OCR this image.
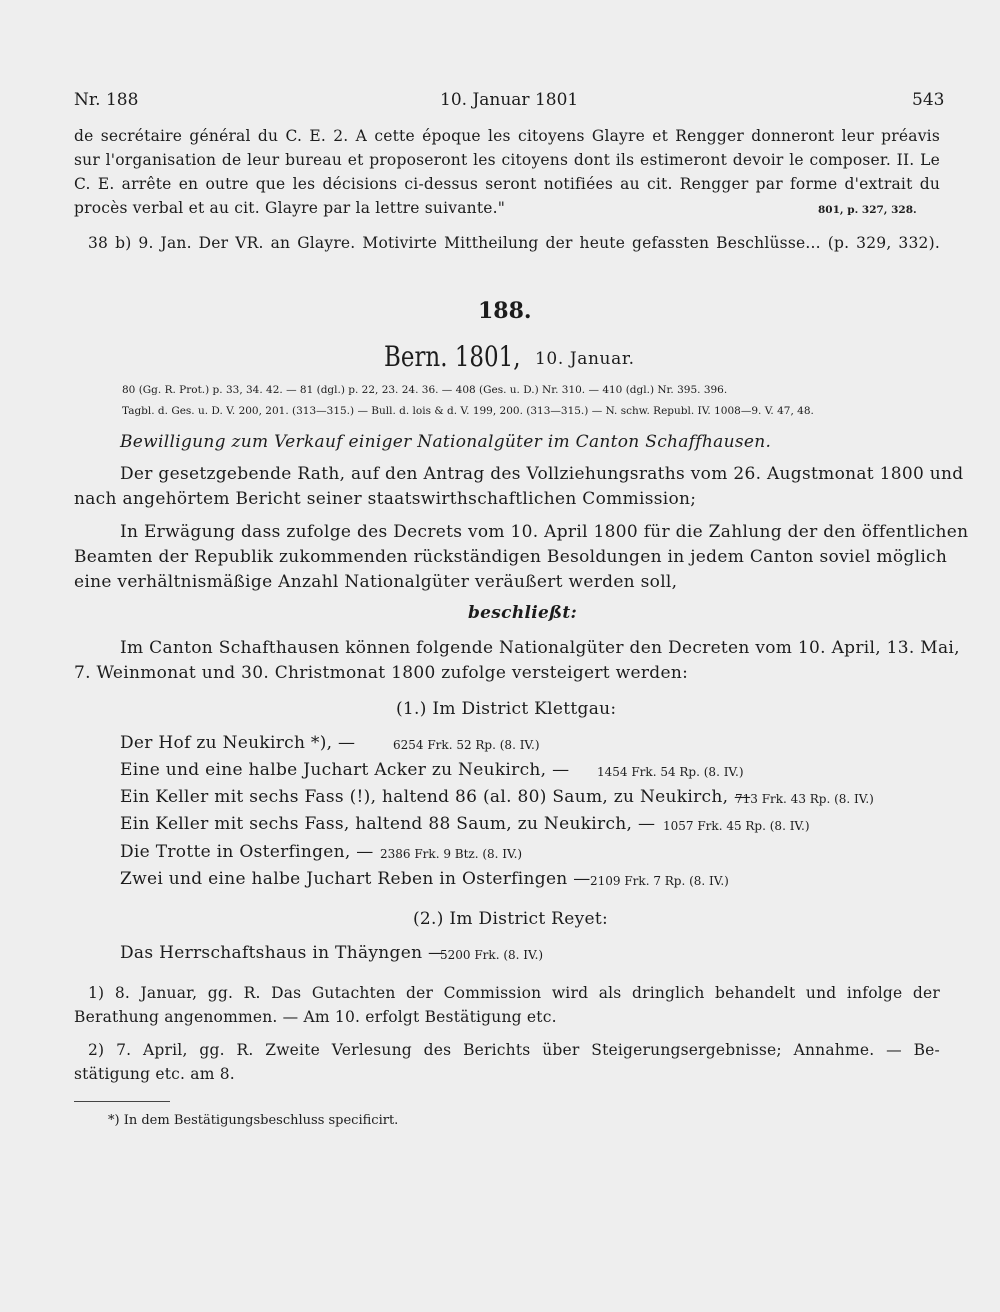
Nr. 188	10. Januar 1801	543
de secrétaire général du C. E. 2. A cette époque les citoyens Glayre et Rengger donneront leur préavis
sur l'organisation de leur bureau et proposeront les citoyens dont ils estimeront devoir le composer. II. Le
C. E. arrête en outre que les décisions ci-dessus seront notifiées au cit. Rengger par forme d'extrait du
procès verbal et au cit. Glayre par la lettre suivante."	801, p. 327, 328.
38 b) 9. Jan. Der VR. an Glayre. Motivirte Mittheilung der heute gefassten Beschlüsse... (p. 329, 332).
188.
Bern. 1801, 10. Januar.
80 (Gg. R. Prot.) p. 33, 34. 42. — 81 (dgl.) p. 22, 23. 24. 36. — 408 (Ges. u. D.) Nr. 310. — 410 (dgl.) Nr. 395. 396.
Tagbl. d. Ges. u. D. V. 200, 201. (313—315.) — Bull. d. lois & d. V. 199, 200. (313—315.) — N. schw. Republ. IV. 1008—9. V. 47, 48.
Bewilligung zum Verkauf einiger Nationalgüter im Canton Schaffhausen.
Der gesetzgebende Rath, auf den Antrag des Vollziehungsraths vom 26. Augstmonat 1800 und
nach angehörtem Bericht seiner staatswirthschaftlichen Commission;
In Erwägung dass zufolge des Decrets vom 10. April 1800 für die Zahlung der den öffentlichen
Beamten der Republik zukommenden rückständigen Besoldungen in jedem Canton soviel möglich
eine verhältnismäßige Anzahl Nationalgüter veräußert werden soll,
beschließt:
Im Canton Schafthausen können folgende Nationalgüter den Decreten vom 10. April, 13. Mai,
7. Weinmonat und 30. Christmonat 1800 zufolge versteigert werden:
(1.) Im District Klettgau:
Der Hof zu Neukirch *), —	6254 Frk. 52 Rp. (8. IV.)
Eine und eine halbe Juchart Acker zu Neukirch, — 1454 Frk. 54 Rp. (8. IV.)
Ein Keller mit sechs Fass (!), haltend 86 (al. 80) Saum, zu Neukirch, —
713 Frk. 43 Rp. (8. IV.)
Ein Keller mit sechs Fass, haltend 88 Saum, zu Neukirch, — 1057 Frk. 45 Rp. (8. IV.)
Die Trotte in Osterfingen, — 2386 Frk. 9 Btz. (8. IV.)
Zwei und eine halbe Juchart Reben in Osterfingen — 2109 Frk. 7 Rp. (8. IV.)
(2.) Im District Reyet:
Das Herrschaftshaus in Thäyngen —
5200 Frk. (8. IV.)
1) 8. Januar, gg. R. Das Gutachten der Commission wird als dringlich behandelt und infolge der
Berathung angenommen. — Am 10. erfolgt Bestätigung etc.
2) 7. April, gg. R. Zweite Verlesung des Berichts über Steigerungsergebnisse; Annahme. — Be-
stätigung etc. am 8.
*) In dem Bestätigungsbeschluss specificirt.
